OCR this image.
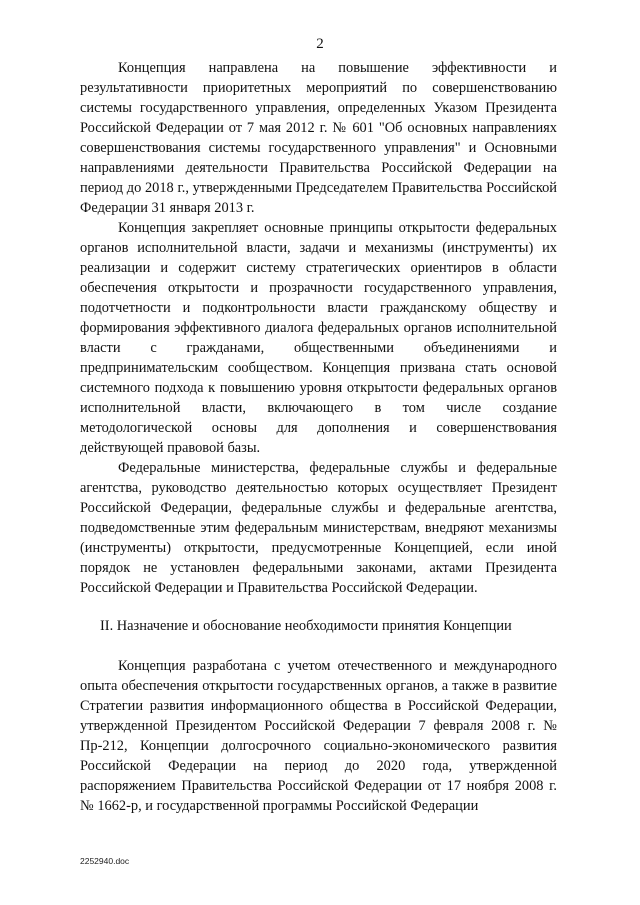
2

Концепция направлена на повышение эффективности и результативности приоритетных мероприятий по совершенствованию системы государственного управления, определенных Указом Президента Российской Федерации от 7 мая 2012 г. № 601 "Об основных направлениях совершенствования системы государственного управления" и Основными направлениями деятельности Правительства Российской Федерации на период до 2018 г., утвержденными Председателем Правительства Российской Федерации 31 января 2013 г.

Концепция закрепляет основные принципы открытости федеральных органов исполнительной власти, задачи и механизмы (инструменты) их реализации и содержит систему стратегических ориентиров в области обеспечения открытости и прозрачности государственного управления, подотчетности и подконтрольности власти гражданскому обществу и формирования эффективного диалога федеральных органов исполнительной власти с гражданами, общественными объединениями и предпринимательским сообществом. Концепция призвана стать основой системного подхода к повышению уровня открытости федеральных органов исполнительной власти, включающего в том числе создание методологической основы для дополнения и совершенствования действующей правовой базы.

Федеральные министерства, федеральные службы и федеральные агентства, руководство деятельностью которых осуществляет Президент Российской Федерации, федеральные службы и федеральные агентства, подведомственные этим федеральным министерствам, внедряют механизмы (инструменты) открытости, предусмотренные Концепцией, если иной порядок не установлен федеральными законами, актами Президента Российской Федерации и Правительства Российской Федерации.

II. Назначение и обоснование необходимости принятия Концепции

Концепция разработана с учетом отечественного и международного опыта обеспечения открытости государственных органов, а также в развитие Стратегии развития информационного общества в Российской Федерации, утвержденной Президентом Российской Федерации 7 февраля 2008 г. № Пр-212, Концепции долгосрочного социально-экономического развития Российской Федерации на период до 2020 года, утвержденной распоряжением Правительства Российской Федерации от 17 ноября 2008 г. № 1662-р, и государственной программы Российской Федерации

2252940.doc
